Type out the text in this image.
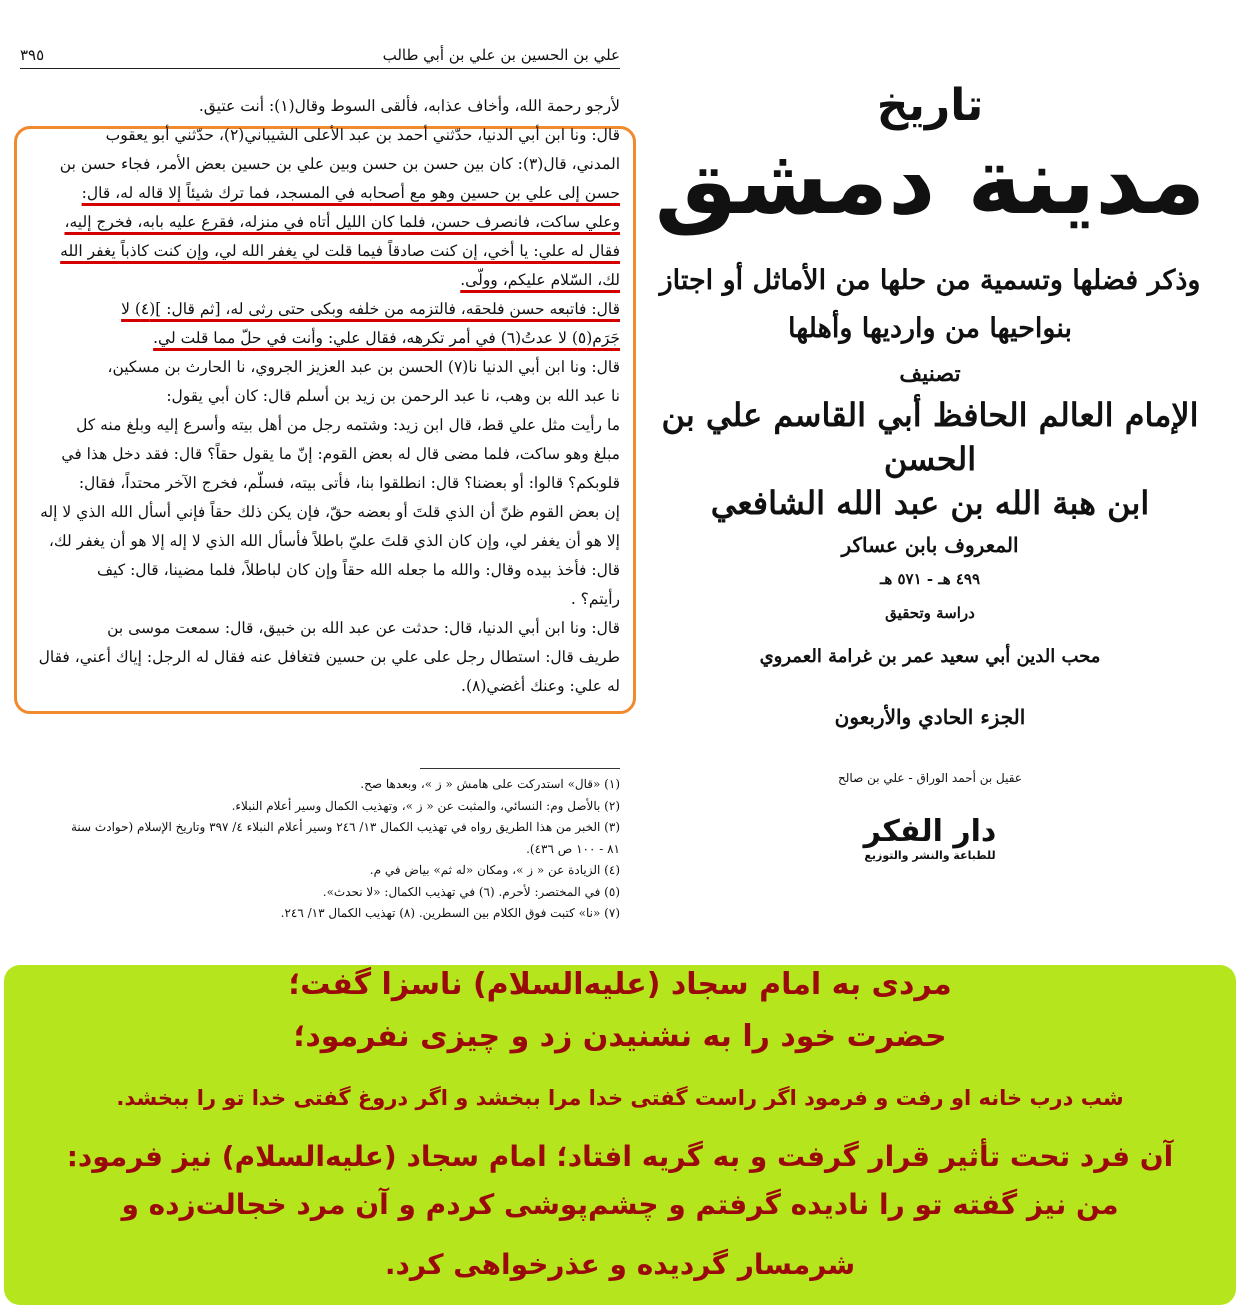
علي بن الحسين بن علي بن أبي طالب
٣٩٥

لأرجو رحمة الله، وأخاف عذابه، فألقى السوط وقال(١): أنت عتيق.

قال: ونا ابن أبي الدنيا، حدّثني أحمد بن عبد الأعلى الشيباني(٢)، حدّثني أبو يعقوب

المدني، قال(٣): كان بين حسن بن حسن وبين علي بن حسين بعض الأمر، فجاء حسن بن

حسن إلى علي بن حسين وهو مع أصحابه في المسجد، فما ترك شيئاً إلا قاله له، قال:

وعلي ساكت، فانصرف حسن، فلما كان الليل أتاه في منزله، فقرع عليه بابه، فخرج إليه،

فقال له علي: يا أخي، إن كنت صادقاً فيما قلت لي يغفر الله لي، وإن كنت كاذباً يغفر الله

لك، السّلام عليكم، وولّى.

قال: فاتبعه حسن فلحقه، فالتزمه من خلفه وبكى حتى رثى له، [ثم قال: ](٤) لا

جَرَم(٥) لا عدتُ(٦) في أمر تكرهه، فقال علي: وأنت في حلّ مما قلت لي.

قال: ونا ابن أبي الدنيا نا(٧) الحسن بن عبد العزيز الجروي، نا الحارث بن مسكين،

نا عبد الله بن وهب، نا عبد الرحمن بن زيد بن أسلم قال: كان أبي يقول:

ما رأيت مثل علي قط، قال ابن زيد: وشتمه رجل من أهل بيته وأسرع إليه وبلغ منه كل

مبلغ وهو ساكت، فلما مضى قال له بعض القوم: إنّ ما يقول حقاً؟ قال: فقد دخل هذا في

قلوبكم؟ قالوا: أو بعضنا؟ قال: انطلقوا بنا، فأتى بيته، فسلّم، فخرج الآخر محتداً، فقال:

إن بعض القوم ظنّ أن الذي قلتَ أو بعضه حقّ، فإن يكن ذلك حقاً فإني أسأل الله الذي لا إله

إلا هو أن يغفر لي، وإن كان الذي قلتَ عليّ باطلاً فأسأل الله الذي لا إله إلا هو أن يغفر لك،

قال: فأخذ بيده وقال: والله ما جعله الله حقاً وإن كان لباطلاً، فلما مضينا، قال: كيف

رأيتم؟ .

قال: ونا ابن أبي الدنيا، قال: حدثت عن عبد الله بن خبيق، قال: سمعت موسى بن

طريف قال: استطال رجل على علي بن حسين فتغافل عنه فقال له الرجل: إياك أعني، فقال

له علي: وعنك أغضي(٨).

(١) «قال» استدركت على هامش « ز »، وبعدها صح.
(٢) بالأصل وم: النسائي، والمثبت عن « ز »، وتهذيب الكمال وسير أعلام النبلاء.
(٣) الخبر من هذا الطريق رواه في تهذيب الكمال ١٣/ ٢٤٦ وسير أعلام النبلاء ٤/ ٣٩٧ وتاريخ الإسلام (حوادث سنة
٨١ - ١٠٠ ص ٤٣٦).
(٤) الزيادة عن « ز »، ومكان «له ثم» بياض في م.
(٥) في المختصر: لأحرم. (٦) في تهذيب الكمال: «لا نحدث».
(٧) «نا» كتبت فوق الكلام بين السطرين. (٨) تهذيب الكمال ١٣/ ٢٤٦.
تاريخ
مدينة دمشق
وذكر فضلها وتسمية من حلها من الأماثل أو اجتاز
بنواحيها من وارديها وأهلها
تصنيف
الإمام العالم الحافظ أبي القاسم علي بن الحسن
ابن هبة الله بن عبد الله الشافعي
المعروف بابن عساكر
٤٩٩ هـ - ٥٧١ هـ
دراسة وتحقيق
محب الدين أبي سعيد عمر بن غرامة العمروي
الجزء الحادي والأربعون
عقيل بن أحمد الوراق - علي بن صالح
دار الفكر
للطباعة والنشر والتوزيع
مردی به امام سجاد (علیه‌السلام) ناسزا گفت؛
حضرت خود را به نشنیدن زد و چیزی نفرمود؛
شب درب خانه او رفت و فرمود اگر راست گفتی خدا مرا ببخشد و اگر دروغ گفتی خدا تو را ببخشد.
آن فرد تحت تأثیر قرار گرفت و به گریه افتاد؛ امام سجاد (علیه‌السلام) نیز فرمود:
من نیز گفته تو را نادیده گرفتم و چشم‌پوشی کردم و آن مرد خجالت‌زده و
شرمسار گردیده و عذرخواهی کرد.
